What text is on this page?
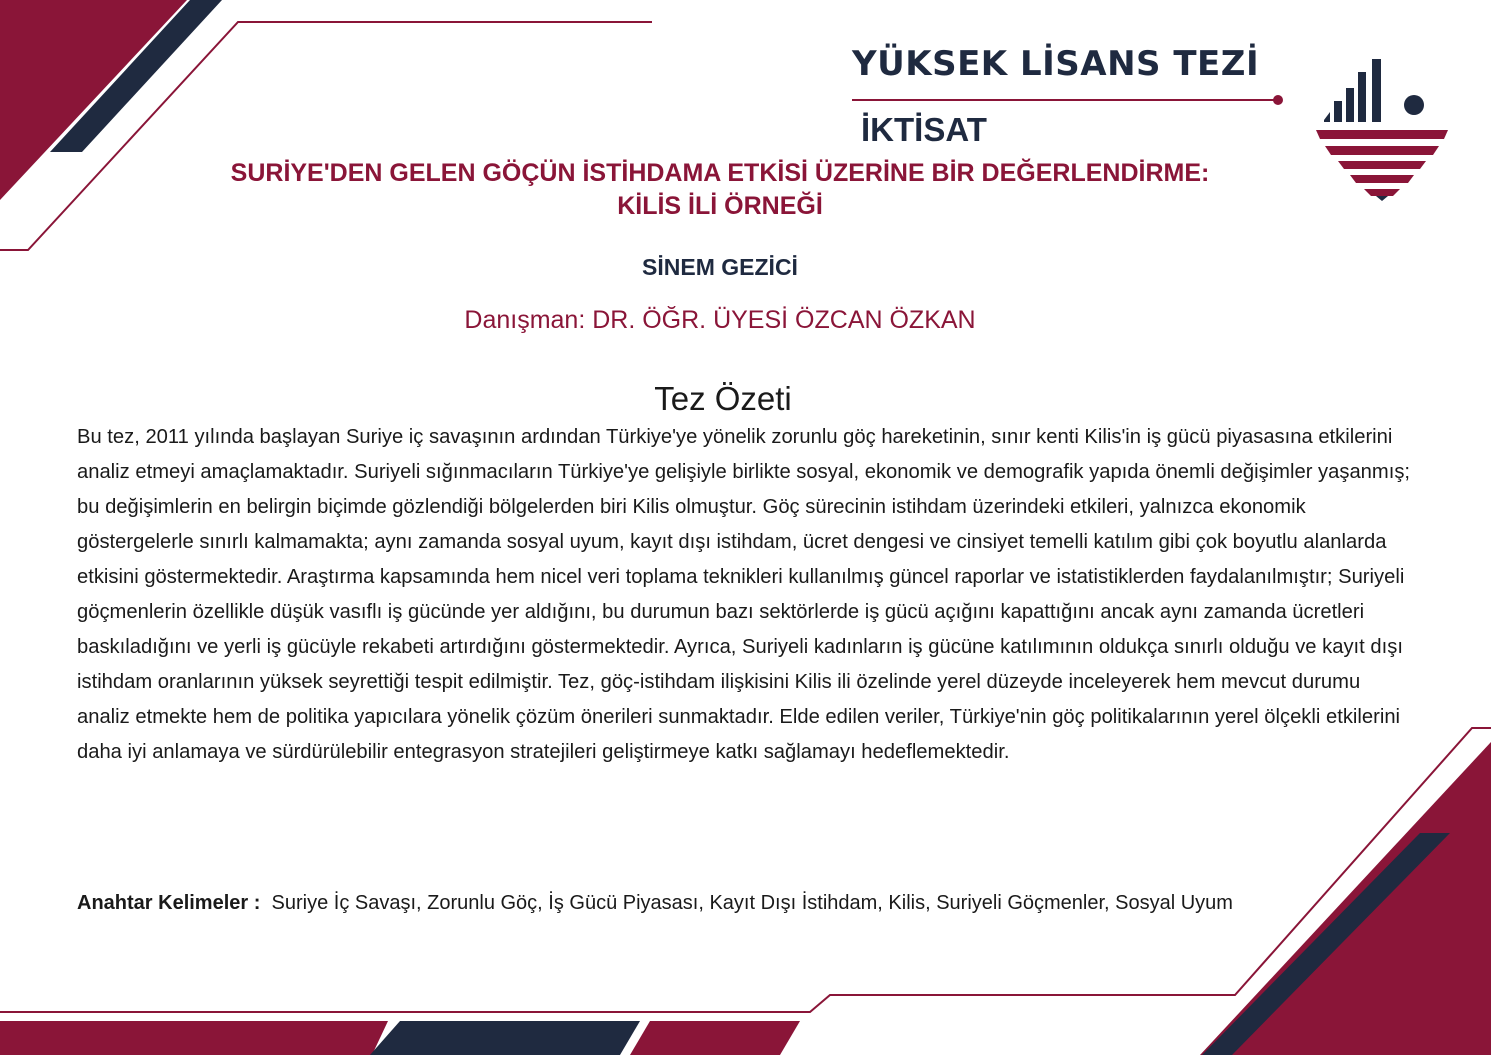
YÜKSEK LİSANS TEZİ
İKTİSAT
SURİYE'DEN GELEN GÖÇÜN İSTİHDAMA ETKİSİ ÜZERİNE BİR DEĞERLENDİRME:
KİLİS İLİ ÖRNEĞİ

SİNEM GEZİCİ

Danışman: DR. ÖĞR. ÜYESİ ÖZCAN ÖZKAN

Tez Özeti

Bu tez, 2011 yılında başlayan Suriye iç savaşının ardından Türkiye'ye yönelik zorunlu göç hareketinin, sınır kenti Kilis'in iş gücü piyasasına etkilerini analiz etmeyi amaçlamaktadır. Suriyeli sığınmacıların Türkiye'ye gelişiyle birlikte sosyal, ekonomik ve demografik yapıda önemli değişimler yaşanmış; bu değişimlerin en belirgin biçimde gözlendiği bölgelerden biri Kilis olmuştur. Göç sürecinin istihdam üzerindeki etkileri, yalnızca ekonomik göstergelerle sınırlı kalmamakta; aynı zamanda sosyal uyum, kayıt dışı istihdam, ücret dengesi ve cinsiyet temelli katılım gibi çok boyutlu alanlarda etkisini göstermektedir. Araştırma kapsamında hem nicel veri toplama teknikleri kullanılmış güncel raporlar ve istatistiklerden faydalanılmıştır; Suriyeli göçmenlerin özellikle düşük vasıflı iş gücünde yer aldığını, bu durumun bazı sektörlerde iş gücü açığını kapattığını ancak aynı zamanda ücretleri baskıladığını ve yerli iş gücüyle rekabeti artırdığını göstermektedir. Ayrıca, Suriyeli kadınların iş gücüne katılımının oldukça sınırlı olduğu ve kayıt dışı istihdam oranlarının yüksek seyrettiği tespit edilmiştir. Tez, göç-istihdam ilişkisini Kilis ili özelinde yerel düzeyde inceleyerek hem mevcut durumu analiz etmekte hem de politika yapıcılara yönelik çözüm önerileri sunmaktadır. Elde edilen veriler, Türkiye'nin göç politikalarının yerel ölçekli etkilerini daha iyi anlamaya ve sürdürülebilir entegrasyon stratejileri geliştirmeye katkı sağlamayı hedeflemektedir.

Anahtar Kelimeler : Suriye İç Savaşı, Zorunlu Göç, İş Gücü Piyasası, Kayıt Dışı İstihdam, Kilis, Suriyeli Göçmenler, Sosyal Uyum
